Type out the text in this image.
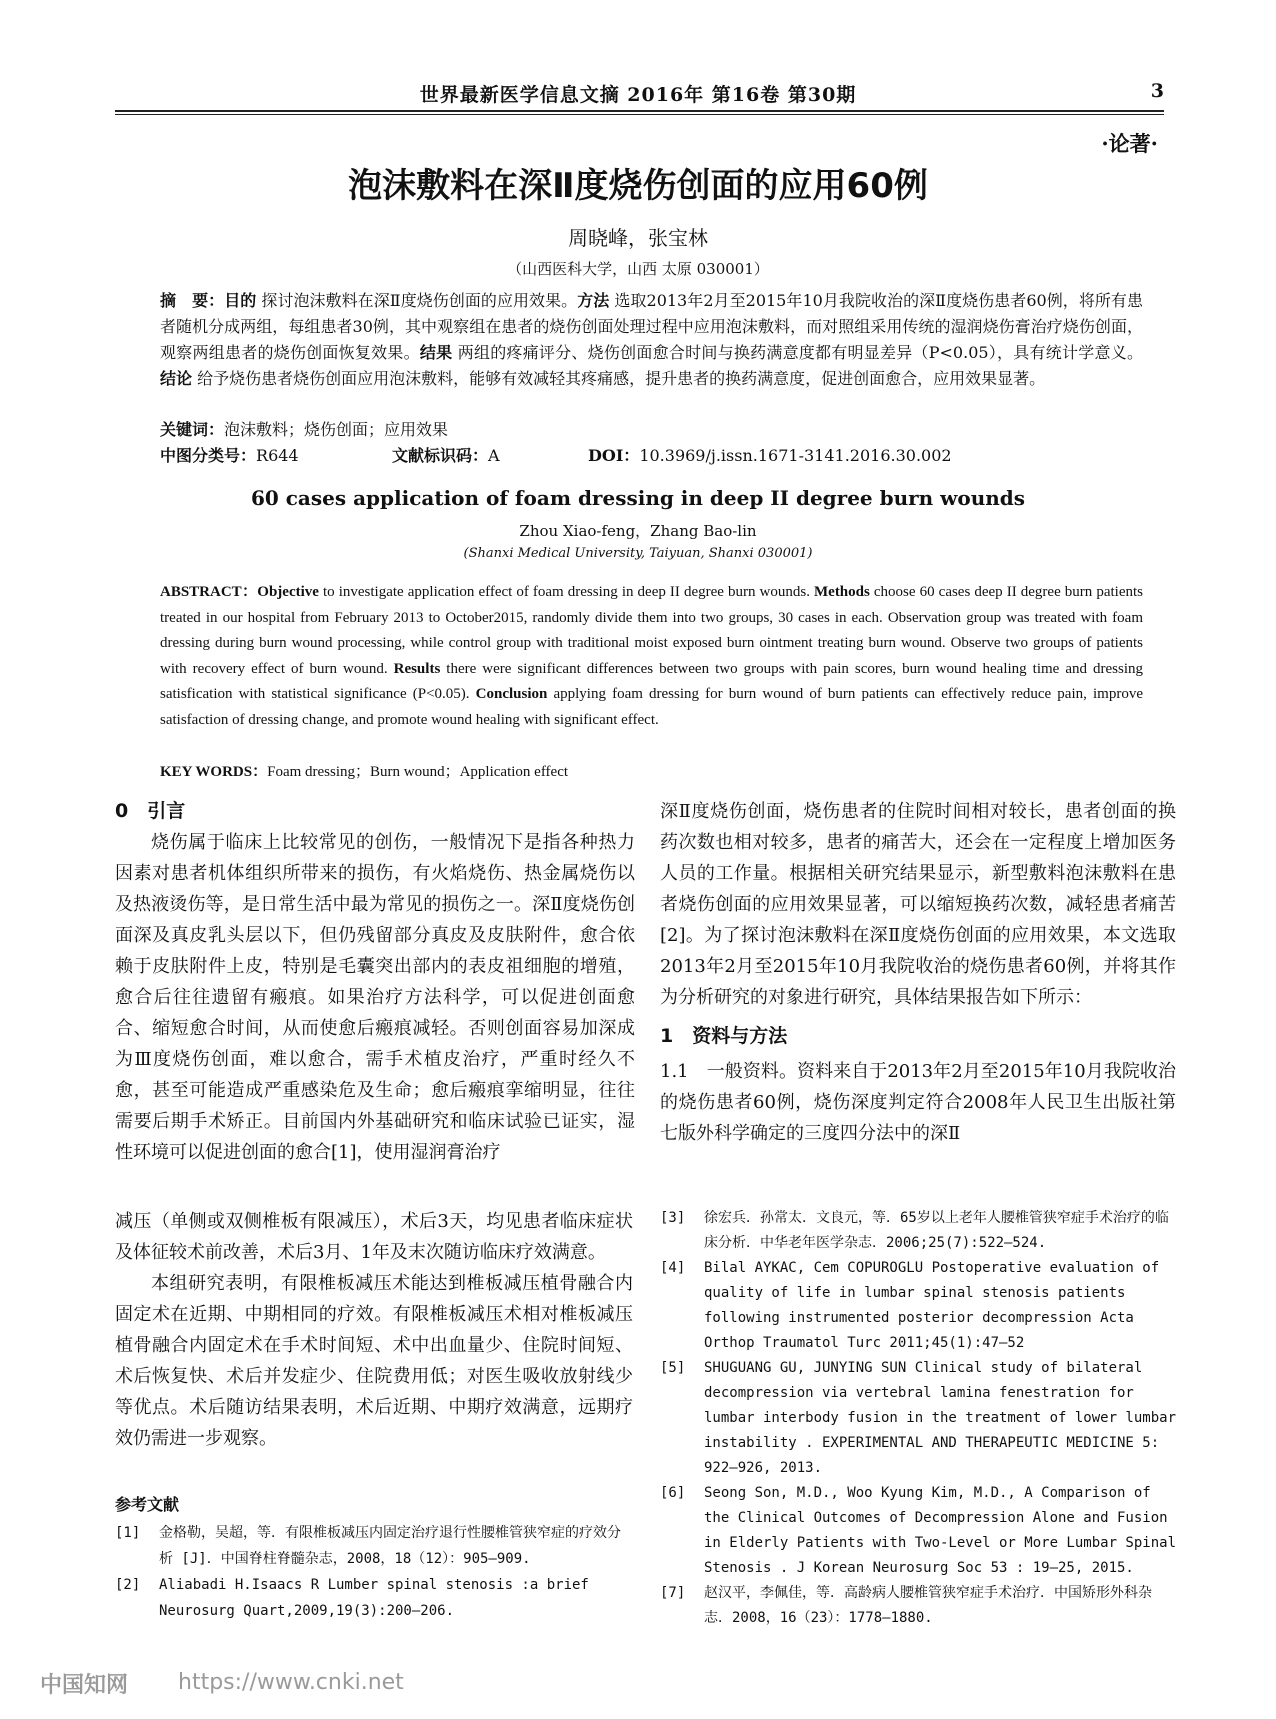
世界最新医学信息文摘 2016年 第16卷 第30期	3
·论著·
泡沫敷料在深Ⅱ度烧伤创面的应用60例
周晓峰，张宝林
（山西医科大学，山西 太原 030001）
摘　要：目的 探讨泡沫敷料在深Ⅱ度烧伤创面的应用效果。方法 选取2013年2月至2015年10月我院收治的深Ⅱ度烧伤患者60例，将所有患者随机分成两组，每组患者30例，其中观察组在患者的烧伤创面处理过程中应用泡沫敷料，而对照组采用传统的湿润烧伤膏治疗烧伤创面，观察两组患者的烧伤创面恢复效果。结果 两组的疼痛评分、烧伤创面愈合时间与换药满意度都有明显差异（P<0.05），具有统计学意义。结论 给予烧伤患者烧伤创面应用泡沫敷料，能够有效减轻其疼痛感，提升患者的换药满意度，促进创面愈合，应用效果显著。
关键词：泡沫敷料；烧伤创面；应用效果
中图分类号：R644	文献标识码：A	DOI：10.3969/j.issn.1671-3141.2016.30.002
60 cases application of foam dressing in deep II degree burn wounds
Zhou Xiao-feng，Zhang Bao-lin
(Shanxi Medical University, Taiyuan, Shanxi 030001)
ABSTRACT：Objective to investigate application effect of foam dressing in deep II degree burn wounds. Methods choose 60 cases deep II degree burn patients treated in our hospital from February 2013 to October2015, randomly divide them into two groups, 30 cases in each. Observation group was treated with foam dressing during burn wound processing, while control group with traditional moist exposed burn ointment treating burn wound. Observe two groups of patients with recovery effect of burn wound. Results there were significant differences between two groups with pain scores, burn wound healing time and dressing satisfication with statistical significance (P<0.05). Conclusion applying foam dressing for burn wound of burn patients can effectively reduce pain, improve satisfaction of dressing change, and promote wound healing with significant effect.
KEY WORDS：Foam dressing；Burn wound；Application effect

0　引言

烧伤属于临床上比较常见的创伤，一般情况下是指各种热力因素对患者机体组织所带来的损伤，有火焰烧伤、热金属烧伤以及热液烫伤等，是日常生活中最为常见的损伤之一。深Ⅱ度烧伤创面深及真皮乳头层以下，但仍残留部分真皮及皮肤附件，愈合依赖于皮肤附件上皮，特别是毛囊突出部内的表皮祖细胞的增殖，愈合后往往遗留有瘢痕。如果治疗方法科学，可以促进创面愈合、缩短愈合时间，从而使愈后瘢痕减轻。否则创面容易加深成为Ⅲ度烧伤创面，难以愈合，需手术植皮治疗，严重时经久不愈，甚至可能造成严重感染危及生命；愈后瘢痕挛缩明显，往往需要后期手术矫正。目前国内外基础研究和临床试验已证实，湿性环境可以促进创面的愈合[1]，使用湿润膏治疗

深Ⅱ度烧伤创面，烧伤患者的住院时间相对较长，患者创面的换药次数也相对较多，患者的痛苦大，还会在一定程度上增加医务人员的工作量。根据相关研究结果显示，新型敷料泡沫敷料在患者烧伤创面的应用效果显著，可以缩短换药次数，减轻患者痛苦[2]。为了探讨泡沫敷料在深Ⅱ度烧伤创面的应用效果，本文选取2013年2月至2015年10月我院收治的烧伤患者60例，并将其作为分析研究的对象进行研究，具体结果报告如下所示：

1　资料与方法

1.1　一般资料。资料来自于2013年2月至2015年10月我院收治的烧伤患者60例，烧伤深度判定符合2008年人民卫生出版社第七版外科学确定的三度四分法中的深Ⅱ

减压（单侧或双侧椎板有限减压），术后3天，均见患者临床症状及体征较术前改善，术后3月、1年及末次随访临床疗效满意。

本组研究表明，有限椎板减压术能达到椎板减压植骨融合内固定术在近期、中期相同的疗效。有限椎板减压术相对椎板减压植骨融合内固定术在手术时间短、术中出血量少、住院时间短、术后恢复快、术后并发症少、住院费用低；对医生吸收放射线少等优点。术后随访结果表明，术后近期、中期疗效满意，远期疗效仍需进一步观察。

参考文献
[1]	金格勒，吴超，等．有限椎板减压内固定治疗退行性腰椎管狭窄症的疗效分析 [J]．中国脊柱脊髓杂志，2008，18（12）：905–909.
[2]	Aliabadi H.Isaacs R Lumber spinal stenosis :a brief Neurosurg Quart,2009,19(3):200–206.
[3]	徐宏兵．孙常太．文良元，等．65岁以上老年人腰椎管狭窄症手术治疗的临床分析．中华老年医学杂志．2006;25(7):522–524.
[4]	Bilal AYKAC, Cem COPUROGLU Postoperative evaluation of quality of life in lumbar spinal stenosis patients following instrumented posterior decompression Acta Orthop Traumatol Turc 2011;45(1):47–52
[5]	SHUGUANG GU, JUNYING SUN Clinical study of bilateral decompression via vertebral lamina fenestration for lumbar interbody fusion in the treatment of lower lumbar instability . EXPERIMENTAL AND THERAPEUTIC MEDICINE 5: 922–926, 2013.
[6]	Seong Son, M.D., Woo Kyung Kim, M.D., A Comparison of the Clinical Outcomes of Decompression Alone and Fusion in Elderly Patients with Two-Level or More Lumbar Spinal Stenosis . J Korean Neurosurg Soc 53 : 19–25, 2015.
[7]	赵汉平，李佩佳，等．高龄病人腰椎管狭窄症手术治疗．中国矫形外科杂志．2008，16（23）：1778–1880.
中国知网 https://www.cnki.net
